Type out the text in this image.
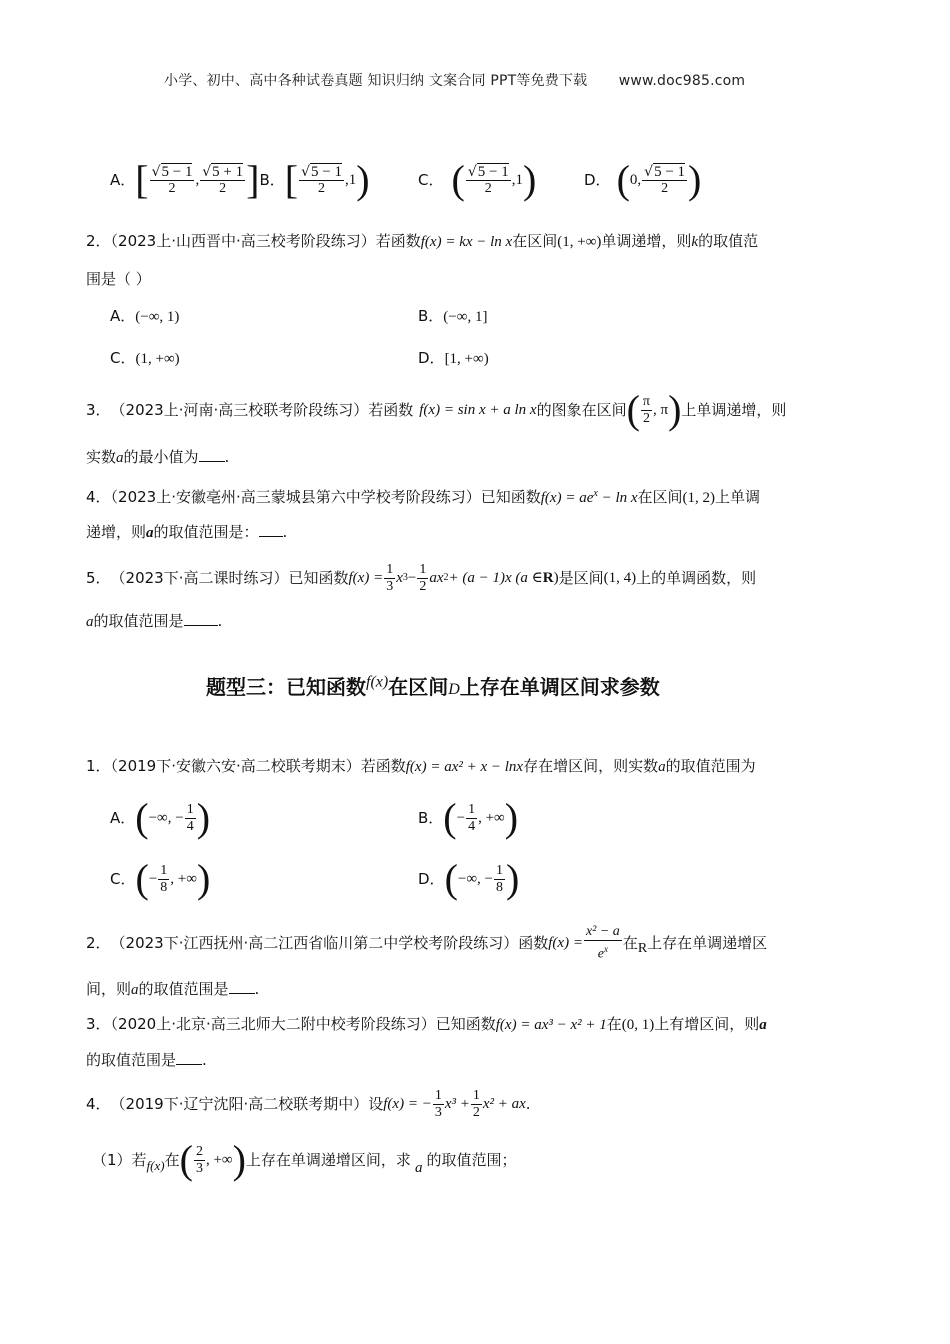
小学、初中、高中各种试卷真题 知识归纳 文案合同 PPT等免费下载 www.doc985.com
A． [ $\frac{√5 - 1}{2}$ , $\frac{√5 + 1}{2}$ ] B． [ $\frac{√5 - 1}{2}$ , 1 )	C． ( $\frac{√5 - 1}{2}$ , 1 )	D． ( 0, $\frac{√5 - 1}{2}$ )
2．（2023上·山西晋中·高三校考阶段练习）若函数f(x) = kx − ln x在区间(1, +∞)单调递增，则k的取值范
围是（ ）
A．(−∞, 1)	B．(−∞, 1]
C．(1, +∞)	D．[1, +∞)
3． （2023上·河南·高三校联考阶段练习）若函数 f(x) = sin x + a ln x 的图象在区间 ( $\frac{\pi}{2}$ , π ) 上单调递增，则
实数a的最小值为 .
4．（2023上·安徽亳州·高三蒙城县第六中学校考阶段练习）已知函数$f(x) = ae^x - \ln x$在区间(1, 2)上单调
递增，则a的取值范围是： .
5． （2023下·高二课时练习）已知函数 $f(x) = \frac{1}{3}$ x $3 - \frac{1}{2}$ ax 2 + (a − 1)x (a ∈ R ) 是区间 (1, 4) 上的单调函数，则
a的取值范围是 .
题型三：已知函数$^{f(x)}$在区间D上存在单调区间求参数
1．（2019下·安徽六安·高二校联考期末）若函数f(x) = ax² + x − lnx存在增区间，则实数a的取值范围为
A． ( −∞, − $\frac{1}{4}$ )	B． ( − $\frac{1}{4}$ , +∞ )
C． ( − $\frac{1}{8}$ , +∞ )	D． ( −∞, − $\frac{1}{8}$ )
2． （2023下·江西抚州·高二江西省临川第二中学校考阶段练习）函数 $f(x) = \frac{\text{x² − a}}{e^x}$ 在 R 上存在单调递增区
间，则a的取值范围是 .
3．（2020上·北京·高三北师大二附中校考阶段练习）已知函数f(x) = ax³ − x² + 1在(0, 1)上有增区间，则a
的取值范围是 .
4． （2019下·辽宁沈阳·高二校联考期中）设 f(x) = − $\frac{1}{3} x^3 + \frac{1}{2} x^2$ + ax .
（1）若 f(x) 在 ( $\frac{2}{3}$ , +∞ ) 上存在单调递增区间，求 a 的取值范围；
